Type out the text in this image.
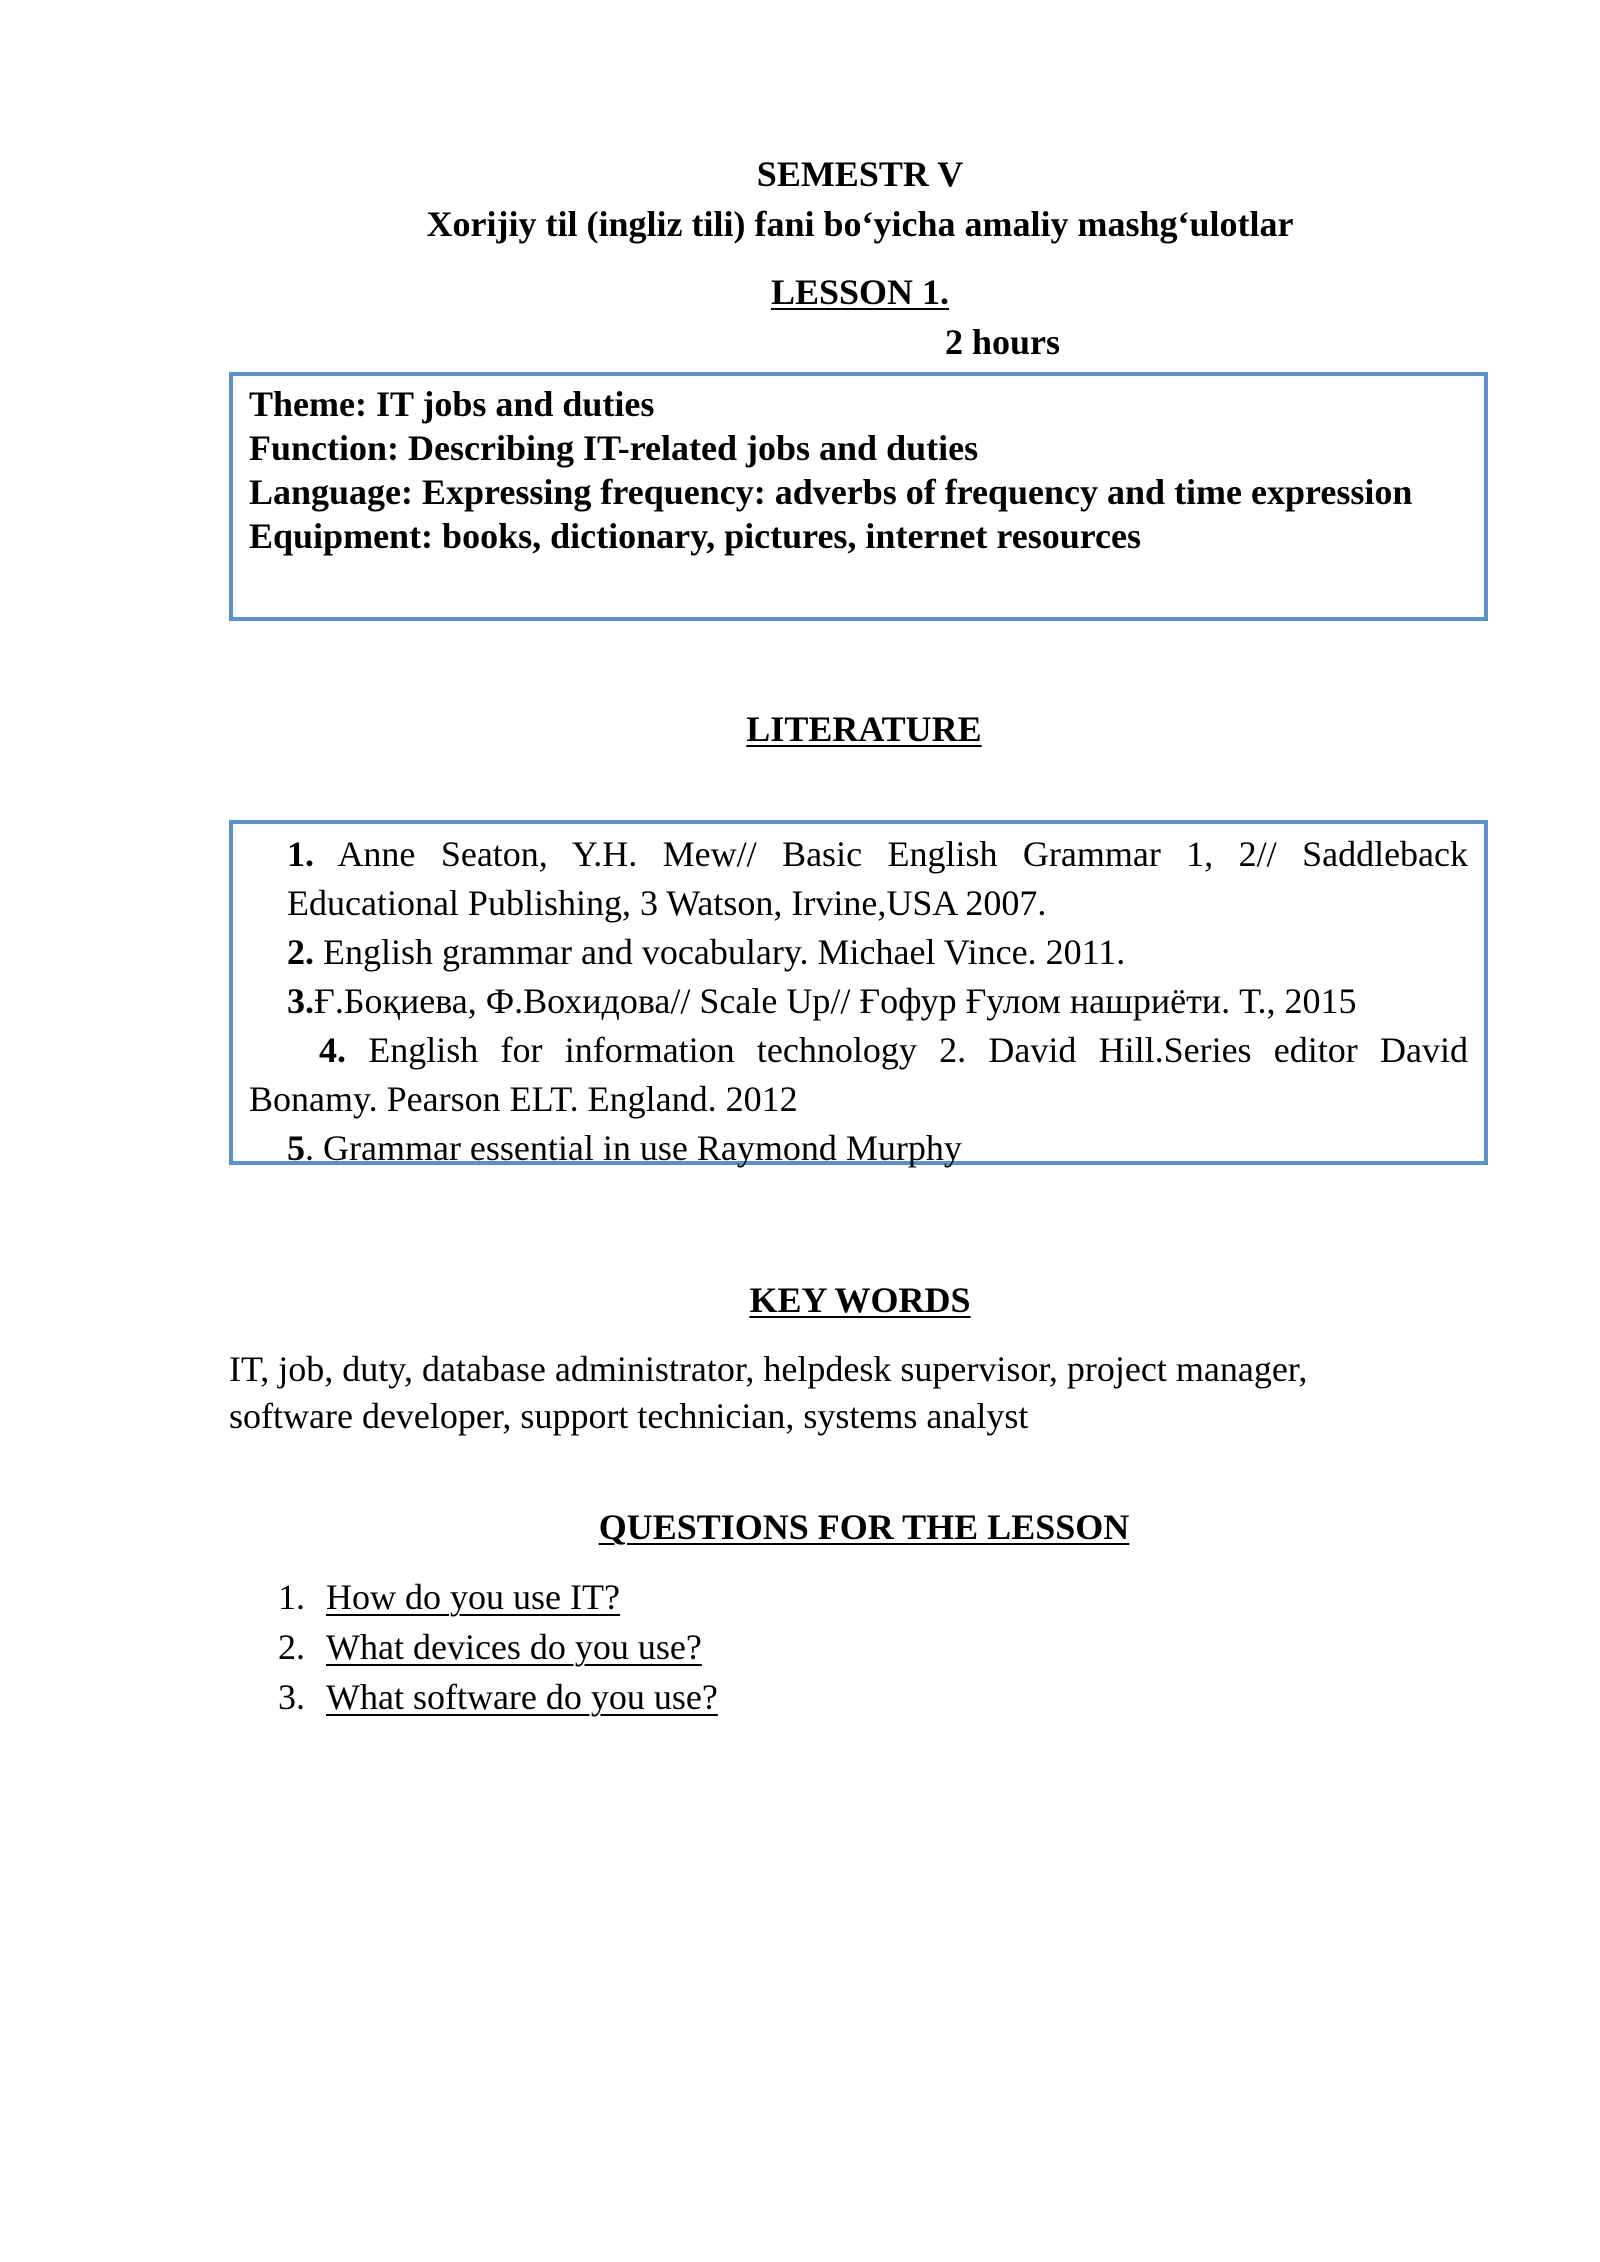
SEMESTR V
Xorijiy til (ingliz tili) fani bo‘yicha amaliy mashg‘ulotlar
LESSON 1.
2 hours
Theme: IT jobs and duties
Function: Describing IT-related jobs and duties
Language: Expressing frequency: adverbs of frequency and time expression
Equipment: books, dictionary, pictures, internet resources
LITERATURE
1. Anne Seaton, Y.H. Mew// Basic English Grammar 1, 2// Saddleback
Educational Publishing, 3 Watson, Irvine,USA 2007.
2. English grammar and vocabulary. Michael Vince. 2011.
3.Ғ.Боқиева, Ф.Вохидова// Scale Up// Ғофур Ғулом нашриёти. Т., 2015
4. English for information technology 2. David Hill.Series editor David
Bonamy. Pearson ELT. England. 2012
5. Grammar essential in use Raymond Murphy
KEY WORDS
IT, job, duty, database administrator, helpdesk supervisor, project manager,
software developer, support technician, systems analyst
QUESTIONS FOR THE LESSON
1. How do you use IT?
2. What devices do you use?
3. What software do you use?
